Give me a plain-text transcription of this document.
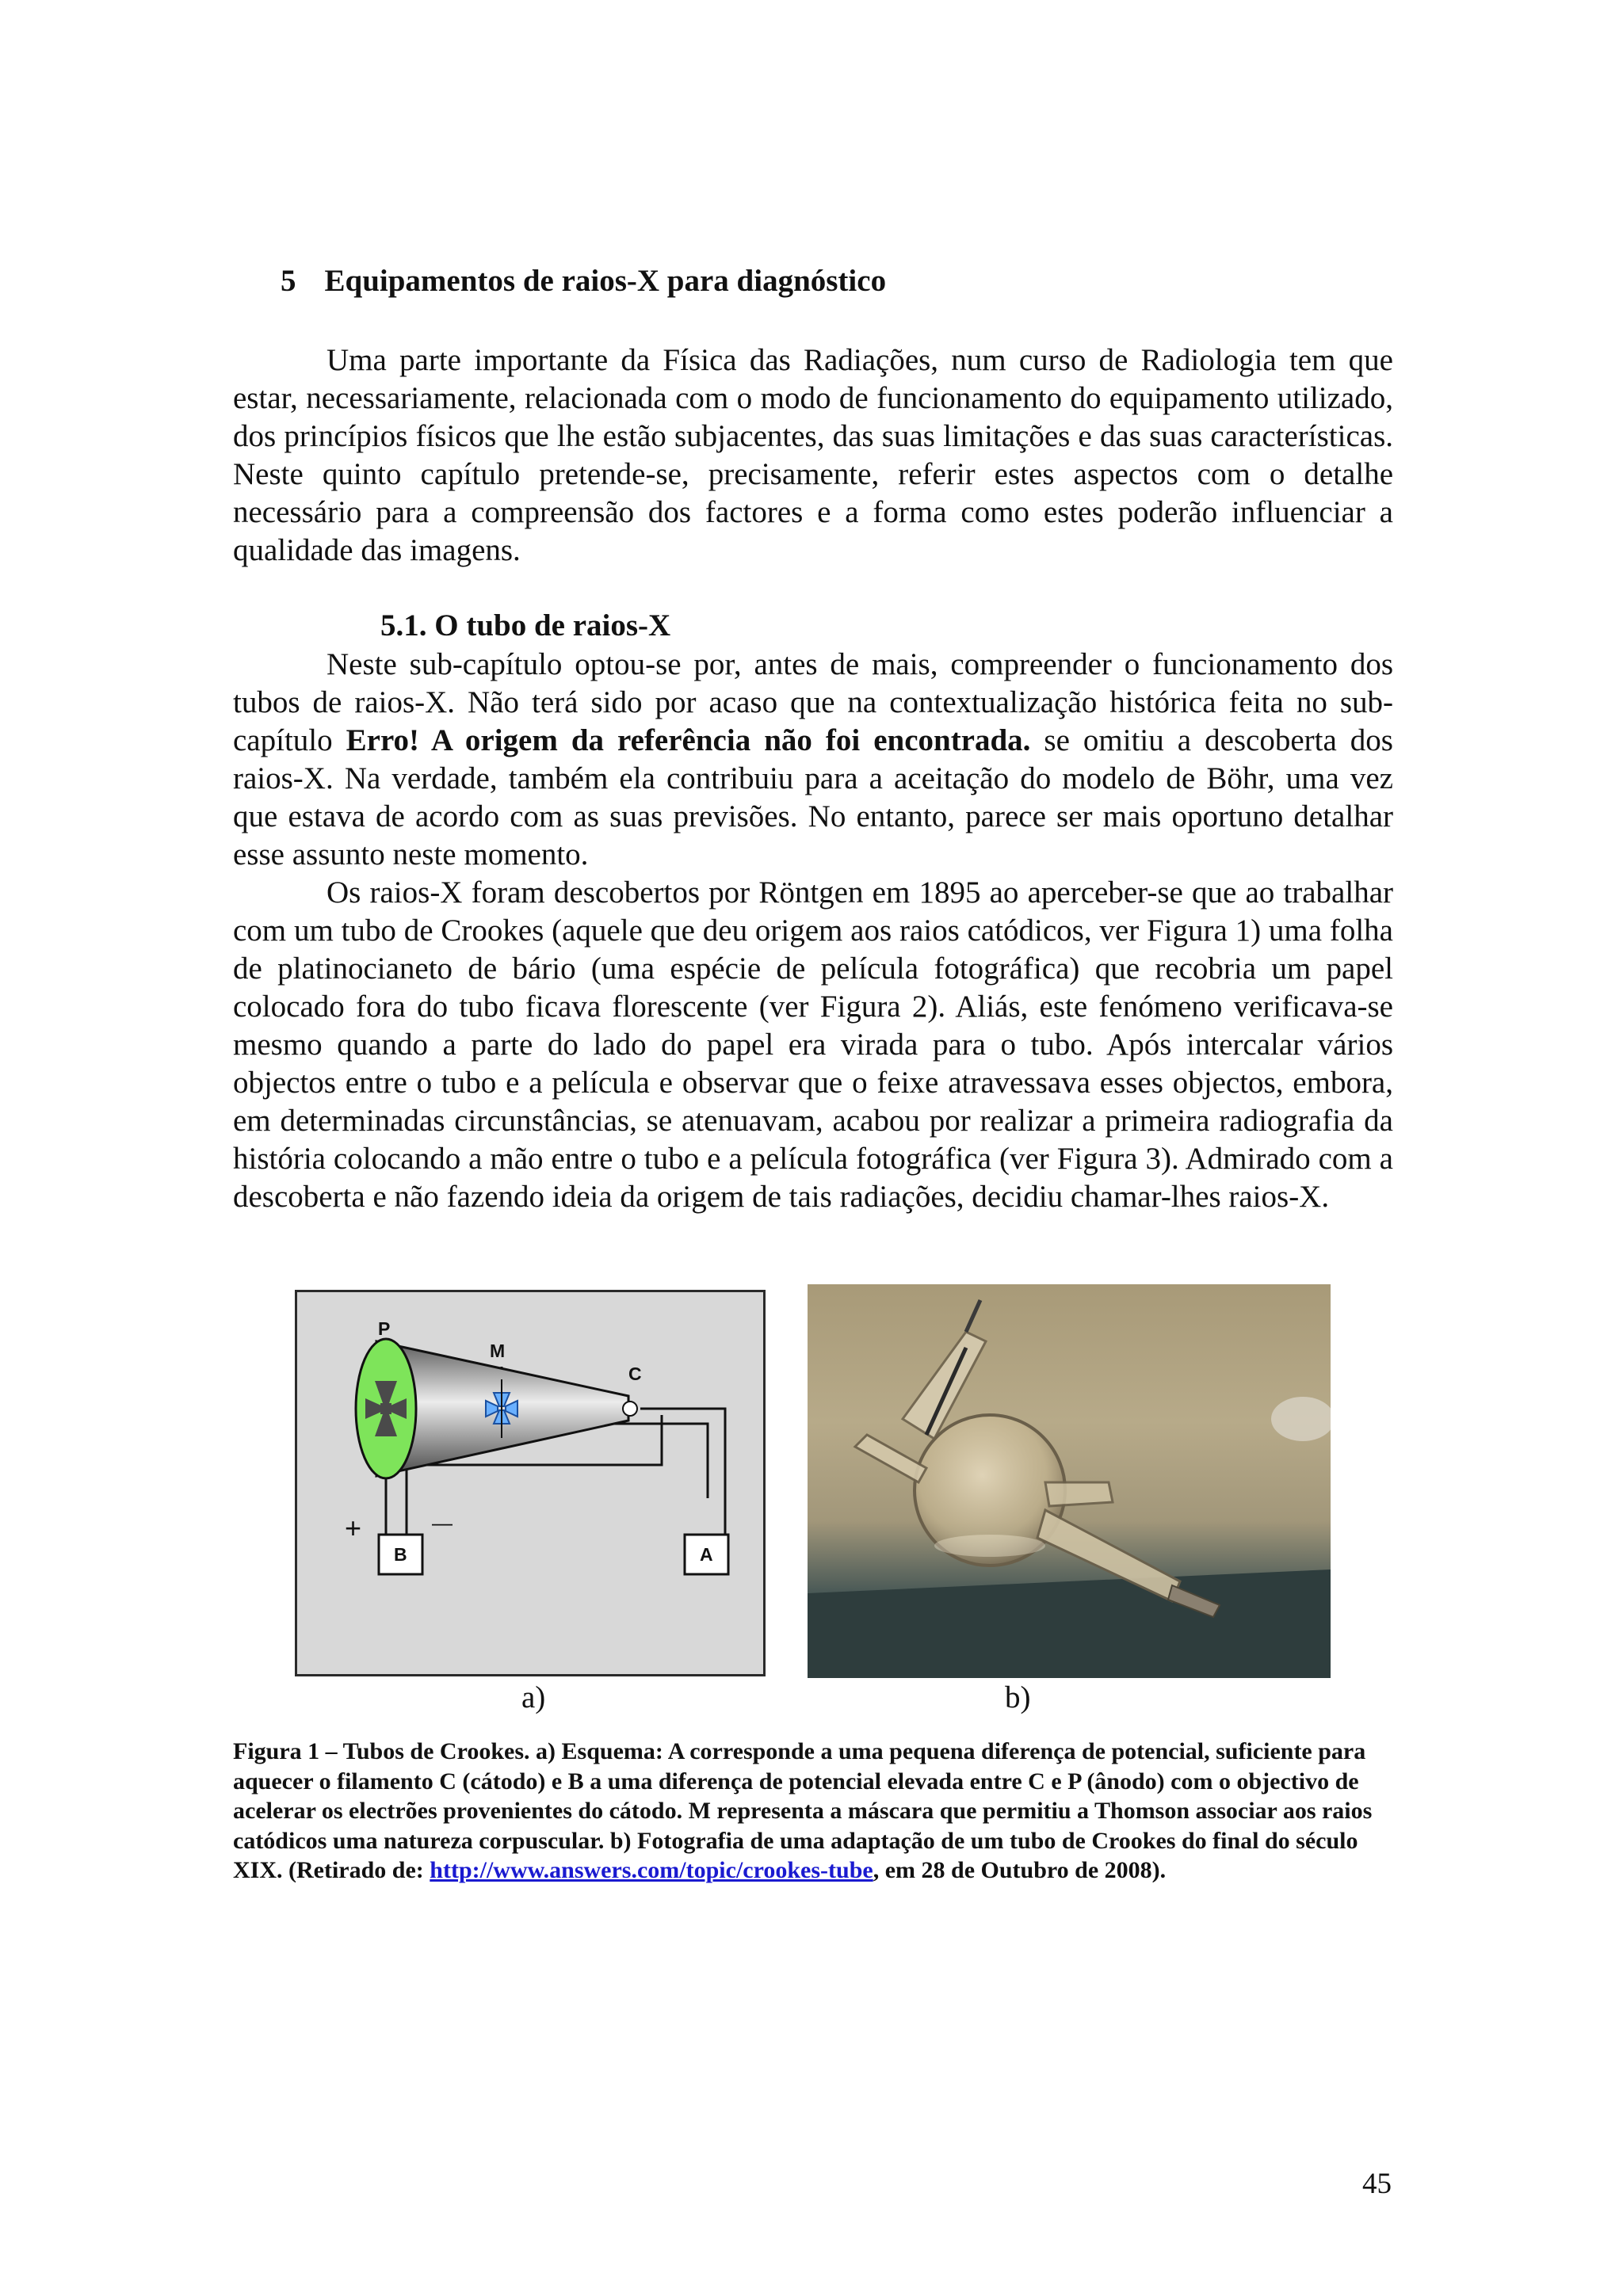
5 Equipamentos de raios-X para diagnóstico

Uma parte importante da Física das Radiações, num curso de Radiologia tem que estar, necessariamente, relacionada com o modo de funcionamento do equipamento utilizado, dos princípios físicos que lhe estão subjacentes, das suas limitações e das suas características. Neste quinto capítulo pretende-se, precisamente, referir estes aspectos com o detalhe necessário para a compreensão dos factores e a forma como estes poderão influenciar a qualidade das imagens.

5.1. O tubo de raios-X

Neste sub-capítulo optou-se por, antes de mais, compreender o funcionamento dos tubos de raios-X. Não terá sido por acaso que na contextualização histórica feita no sub-capítulo Erro! A origem da referência não foi encontrada. se omitiu a descoberta dos raios-X. Na verdade, também ela contribuiu para a aceitação do modelo de Böhr, uma vez que estava de acordo com as suas previsões. No entanto, parece ser mais oportuno detalhar esse assunto neste momento.

Os raios-X foram descobertos por Röntgen em 1895 ao aperceber-se que ao trabalhar com um tubo de Crookes (aquele que deu origem aos raios catódicos, ver Figura 1) uma folha de platinocianeto de bário (uma espécie de película fotográfica) que recobria um papel colocado fora do tubo ficava florescente (ver Figura 2). Aliás, este fenómeno verificava-se mesmo quando a parte do lado do papel era virada para o tubo. Após intercalar vários objectos entre o tubo e a película e observar que o feixe atravessava esses objectos, embora, em determinadas circunstâncias, se atenuavam, acabou por realizar a primeira radiografia da história colocando a mão entre o tubo e a película fotográfica (ver Figura 3). Admirado com a descoberta e não fazendo ideia da origem de tais radiações, decidiu chamar-lhes raios-X.

P
M
C
B	A
+	—
a)	b)

Figura 1 – Tubos de Crookes. a) Esquema: A corresponde a uma pequena diferença de potencial, suficiente para aquecer o filamento C (cátodo) e B a uma diferença de potencial elevada entre C e P (ânodo) com o objectivo de acelerar os electrões provenientes do cátodo. M representa a máscara que permitiu a Thomson associar aos raios catódicos uma natureza corpuscular. b) Fotografia de uma adaptação de um tubo de Crookes do final do século XIX. (Retirado de: http://www.answers.com/topic/crookes-tube, em 28 de Outubro de 2008).

45
